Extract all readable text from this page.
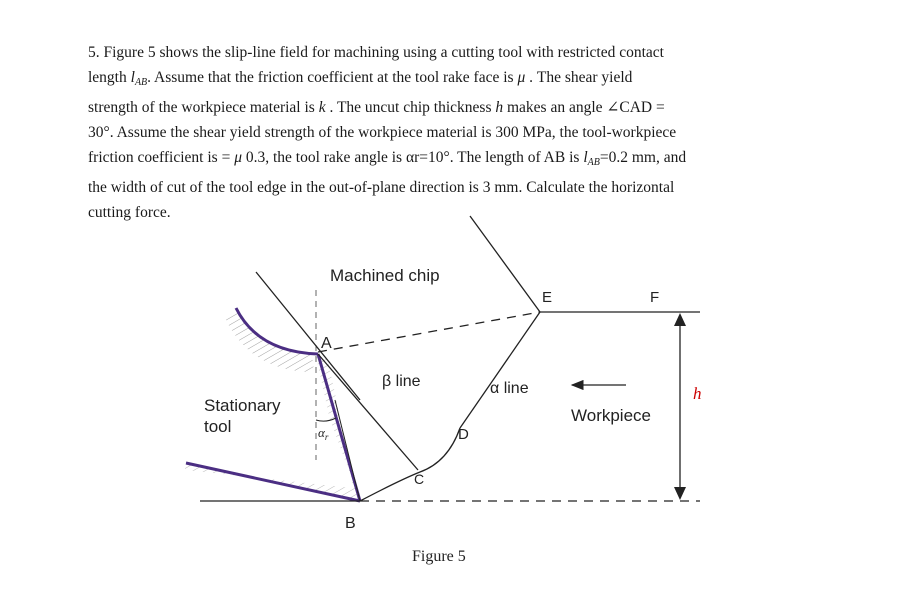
5. Figure 5 shows the slip-line field for machining using a cutting tool with restricted contact

length $l_{AB}$. Assume that the friction coefficient at the tool rake face is μ . The shear yield

strength of the workpiece material is k . The uncut chip thickness h makes an angle ∠CAD =

30°. Assume the shear yield strength of the workpiece material is 300 MPa, the tool-workpiece

friction coefficient is = μ 0.3, the tool rake angle is αr=10°. The length of AB is $l_{AB}=0.2$ mm, and

the width of cut of the tool edge in the out-of-plane direction is 3 mm. Calculate the horizontal

cutting force.

Machined chip
Stationary
tool
β line	α line
Workpiece
A
B
C
D
E	F
$\alpha_r$
h
Figure 5
